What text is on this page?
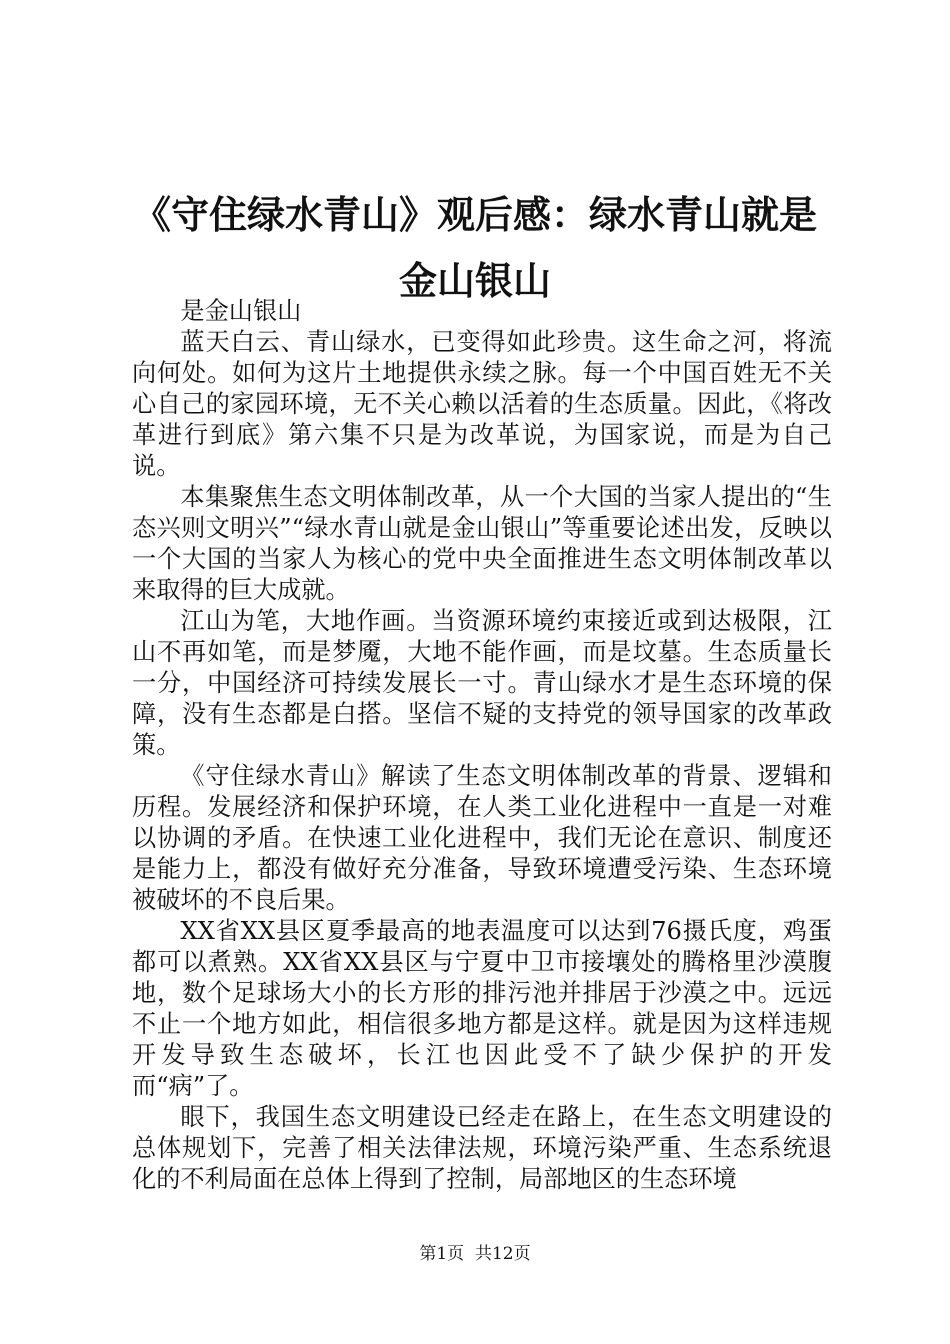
《守住绿水青山》观后感：绿水青山就是金山银山

是金山银山

蓝天白云、青山绿水，已变得如此珍贵。这生命之河，将流向何处。如何为这片土地提供永续之脉。每一个中国百姓无不关心自己的家园环境，无不关心赖以活着的生态质量。因此，《将改革进行到底》第六集不只是为改革说，为国家说，而是为自己说。

本集聚焦生态文明体制改革，从一个大国的当家人提出的“生态兴则文明兴”“绿水青山就是金山银山”等重要论述出发，反映以一个大国的当家人为核心的党中央全面推进生态文明体制改革以来取得的巨大成就。

江山为笔，大地作画。当资源环境约束接近或到达极限，江山不再如笔，而是梦魇，大地不能作画，而是坟墓。生态质量长一分，中国经济可持续发展长一寸。青山绿水才是生态环境的保障，没有生态都是白搭。坚信不疑的支持党的领导国家的改革政策。

《守住绿水青山》解读了生态文明体制改革的背景、逻辑和历程。发展经济和保护环境，在人类工业化进程中一直是一对难以协调的矛盾。在快速工业化进程中，我们无论在意识、制度还是能力上，都没有做好充分准备，导致环境遭受污染、生态环境被破坏的不良后果。

XX省XX县区夏季最高的地表温度可以达到76摄氏度，鸡蛋都可以煮熟。XX省XX县区与宁夏中卫市接壤处的腾格里沙漠腹地，数个足球场大小的长方形的排污池并排居于沙漠之中。远远不止一个地方如此，相信很多地方都是这样。就是因为这样违规开发导致生态破坏，长江也因此受不了缺少保护的开发而“病”了。

眼下，我国生态文明建设已经走在路上，在生态文明建设的总体规划下，完善了相关法律法规，环境污染严重、生态系统退化的不利局面在总体上得到了控制，局部地区的生态环境

第1页  共12页
